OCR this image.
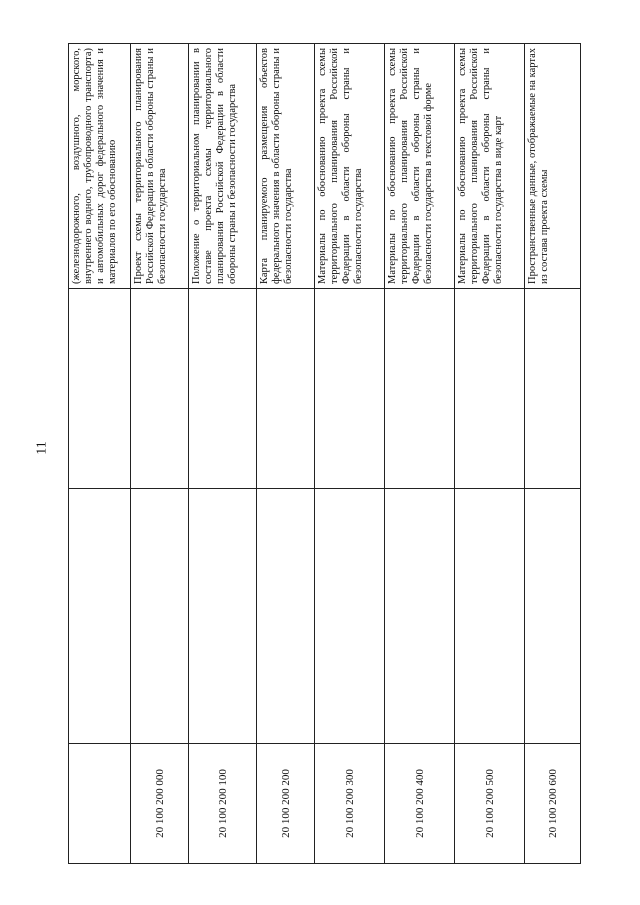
11
			(железнодорожного, воздушного, морского, внутреннего водного, трубопроводного транспорта) и автомобильных дорог федерального значения и материалов по его обоснованию
20 100 200 000			Проект схемы территориального планирования Российской Федерации в области обороны страны и безопасности государства
20 100 200 100			Положение о территориальном планировании в составе проекта схемы территориального планирования Российской Федерации в области обороны страны и безопасности государства
20 100 200 200			Карта планируемого размещения объектов федерального значения в области обороны страны и безопасности государства
20 100 200 300			Материалы по обоснованию проекта схемы территориального планирования Российской Федерации в области обороны страны и безопасности государства
20 100 200 400			Материалы по обоснованию проекта схемы территориального планирования Российской Федерации в области обороны страны и безопасности государства в текстовой форме
20 100 200 500			Материалы по обоснованию проекта схемы территориального планирования Российской Федерации в области обороны страны и безопасности государства в виде карт
20 100 200 600			Пространственные данные, отображаемые на картах из состава проекта схемы
